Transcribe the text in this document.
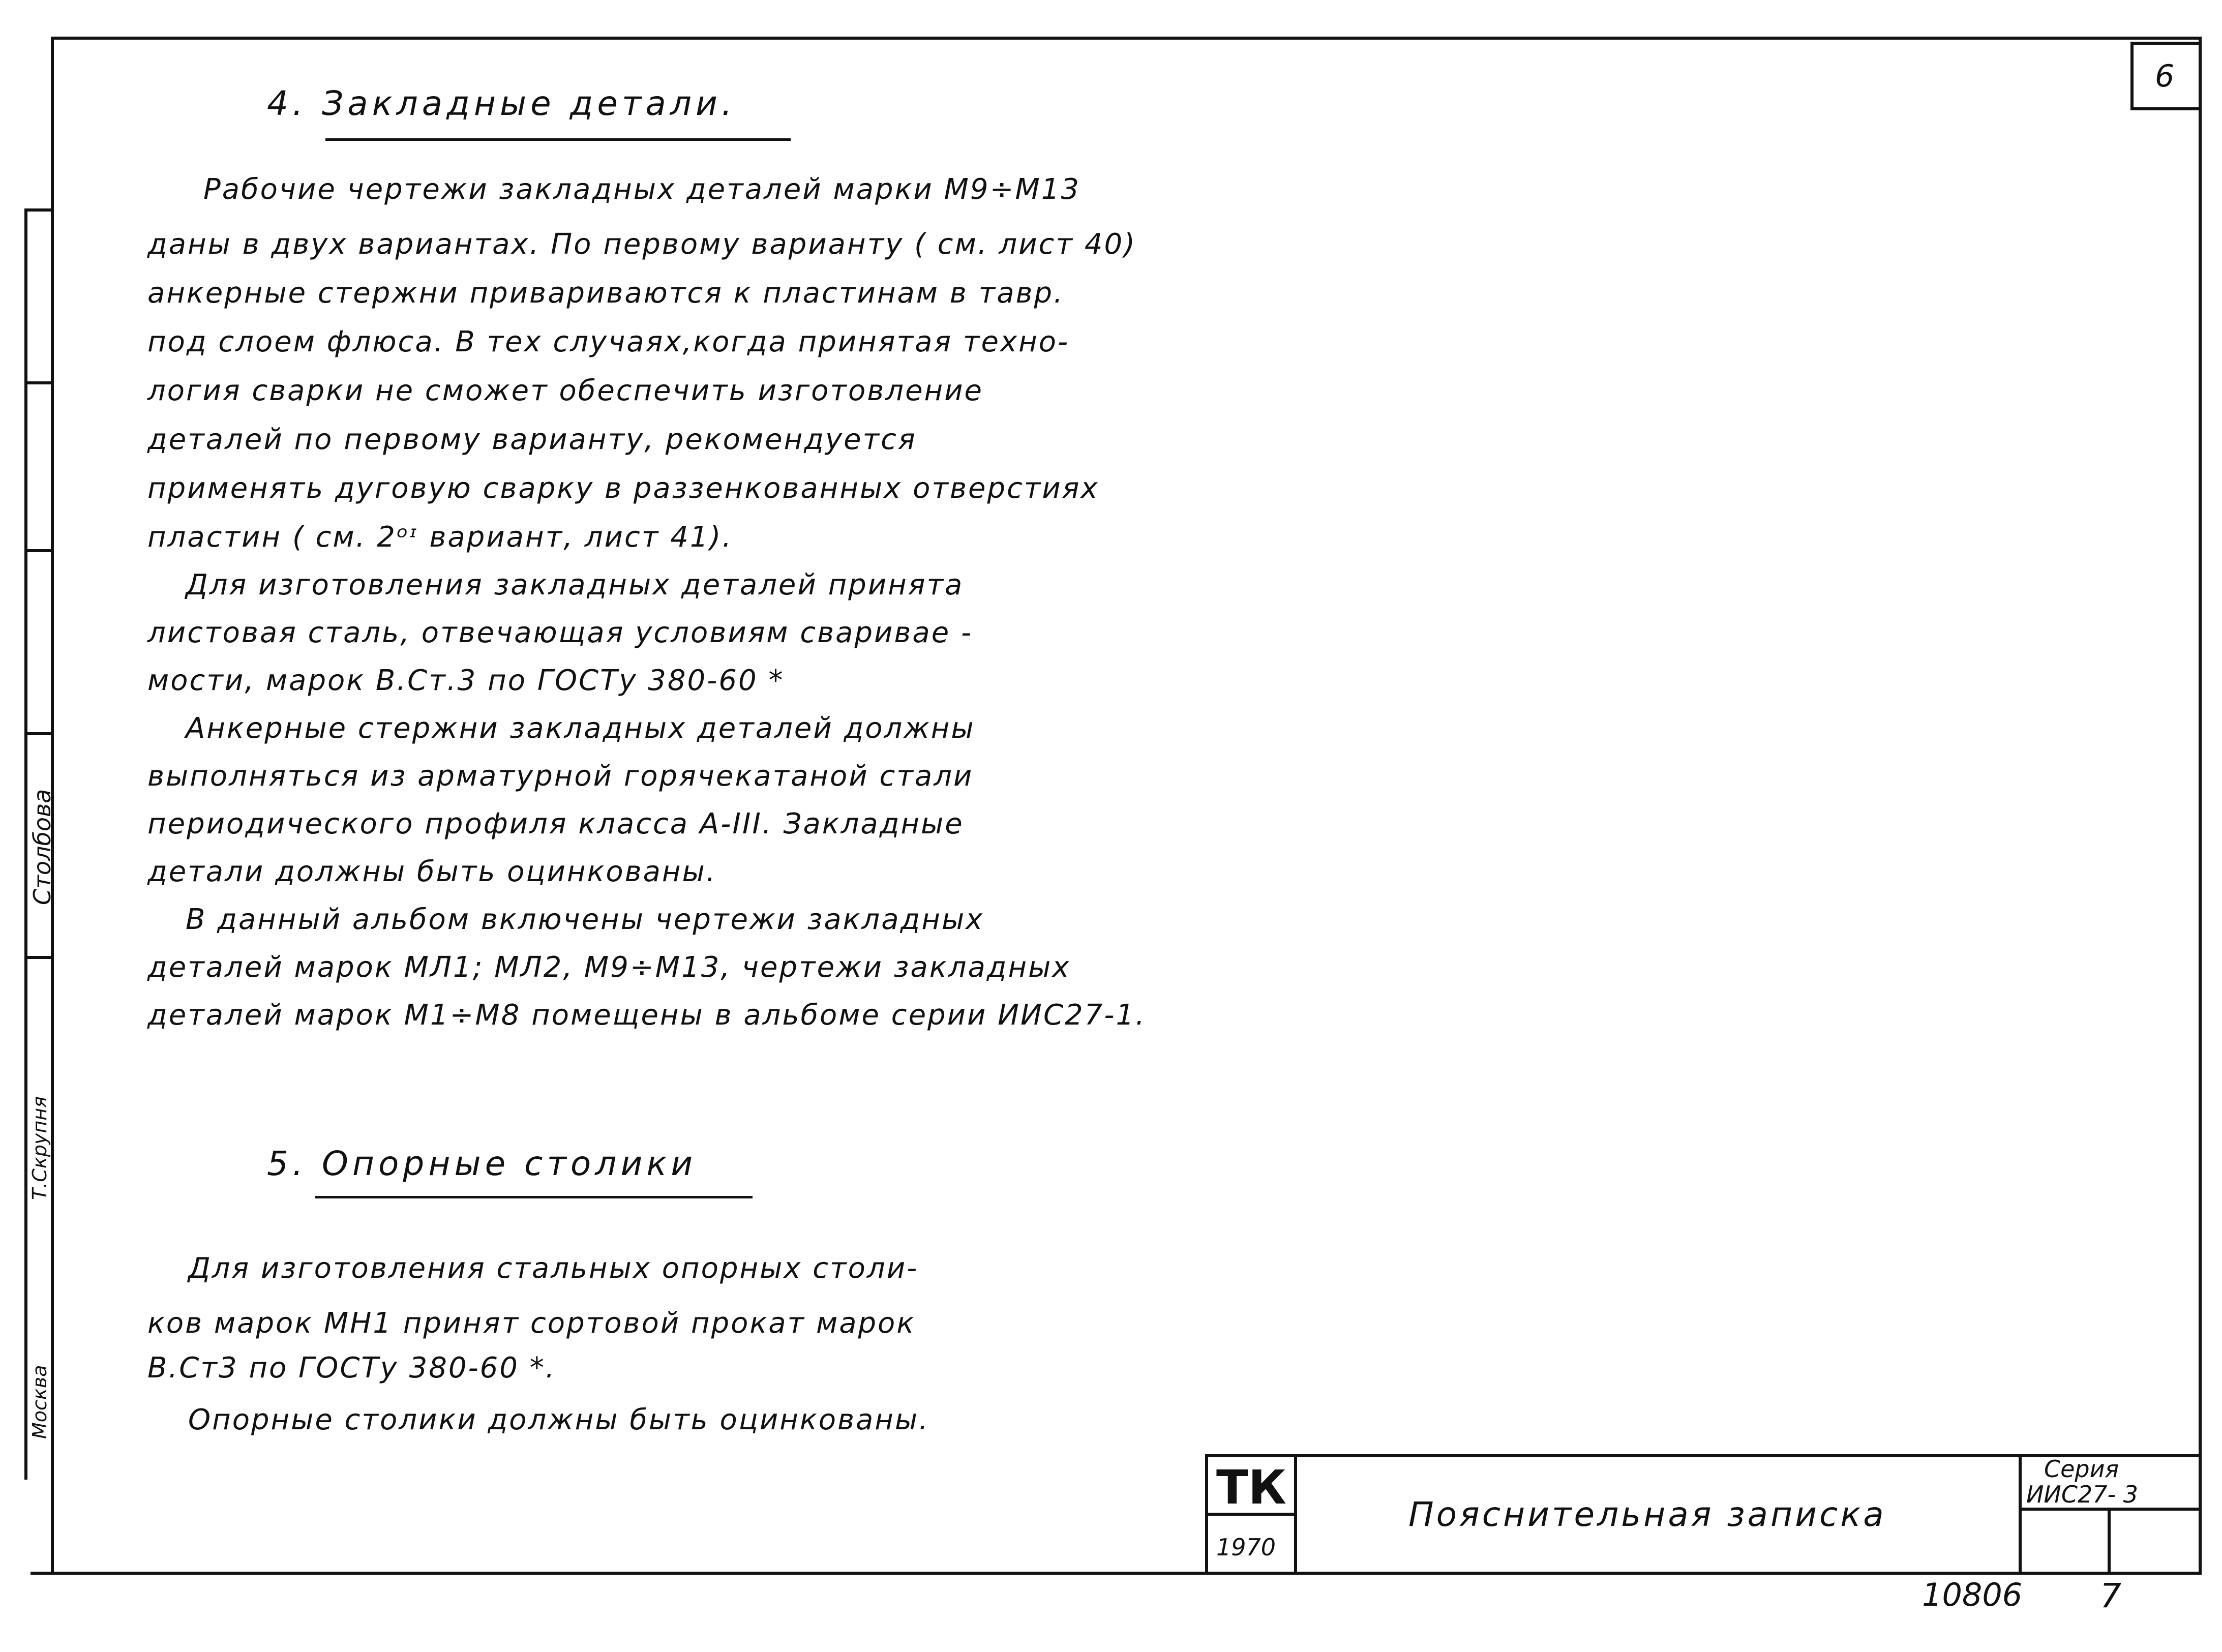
Столбова
Т.Скрупня
Москва
6
4. Закладные детали.
Рабочие чертежи закладных деталей марки М9÷М13
даны в двух вариантах. По первому варианту ( см. лист 40)
анкерные стержни привариваются к пластинам в тавр.
под слоем флюса. В тех случаях,когда принятая техно-
логия сварки не сможет обеспечить изготовление
деталей по первому варианту, рекомендуется
применять дуговую сварку в раззенкованных отверстиях
пластин ( см. 2ᵒᶦ вариант, лист 41).
Для изготовления закладных деталей принята
листовая сталь, отвечающая условиям свариваe -
мости, марок В.Ст.3 по ГОСТу 380-60 *
Анкерные стержни закладных деталей должны
выполняться из арматурной горячекатаной стали
периодического профиля класса А-III. Закладные
детали должны быть оцинкованы.
В данный альбом включены чертежи закладных
деталей марок МЛ1; МЛ2, М9÷М13, чертежи закладных
деталей марок М1÷М8 помещены в альбоме серии ИИС27-1.
5. Опорные столики
Для изготовления стальных опорных столи-
ков марок МН1 принят сортовой прокат марок
В.Ст3 по ГОСТу 380-60 *.
Опорные столики должны быть оцинкованы.
ТК
1970
Пояснительная записка
Серия
ИИС27- 3
10806 7
